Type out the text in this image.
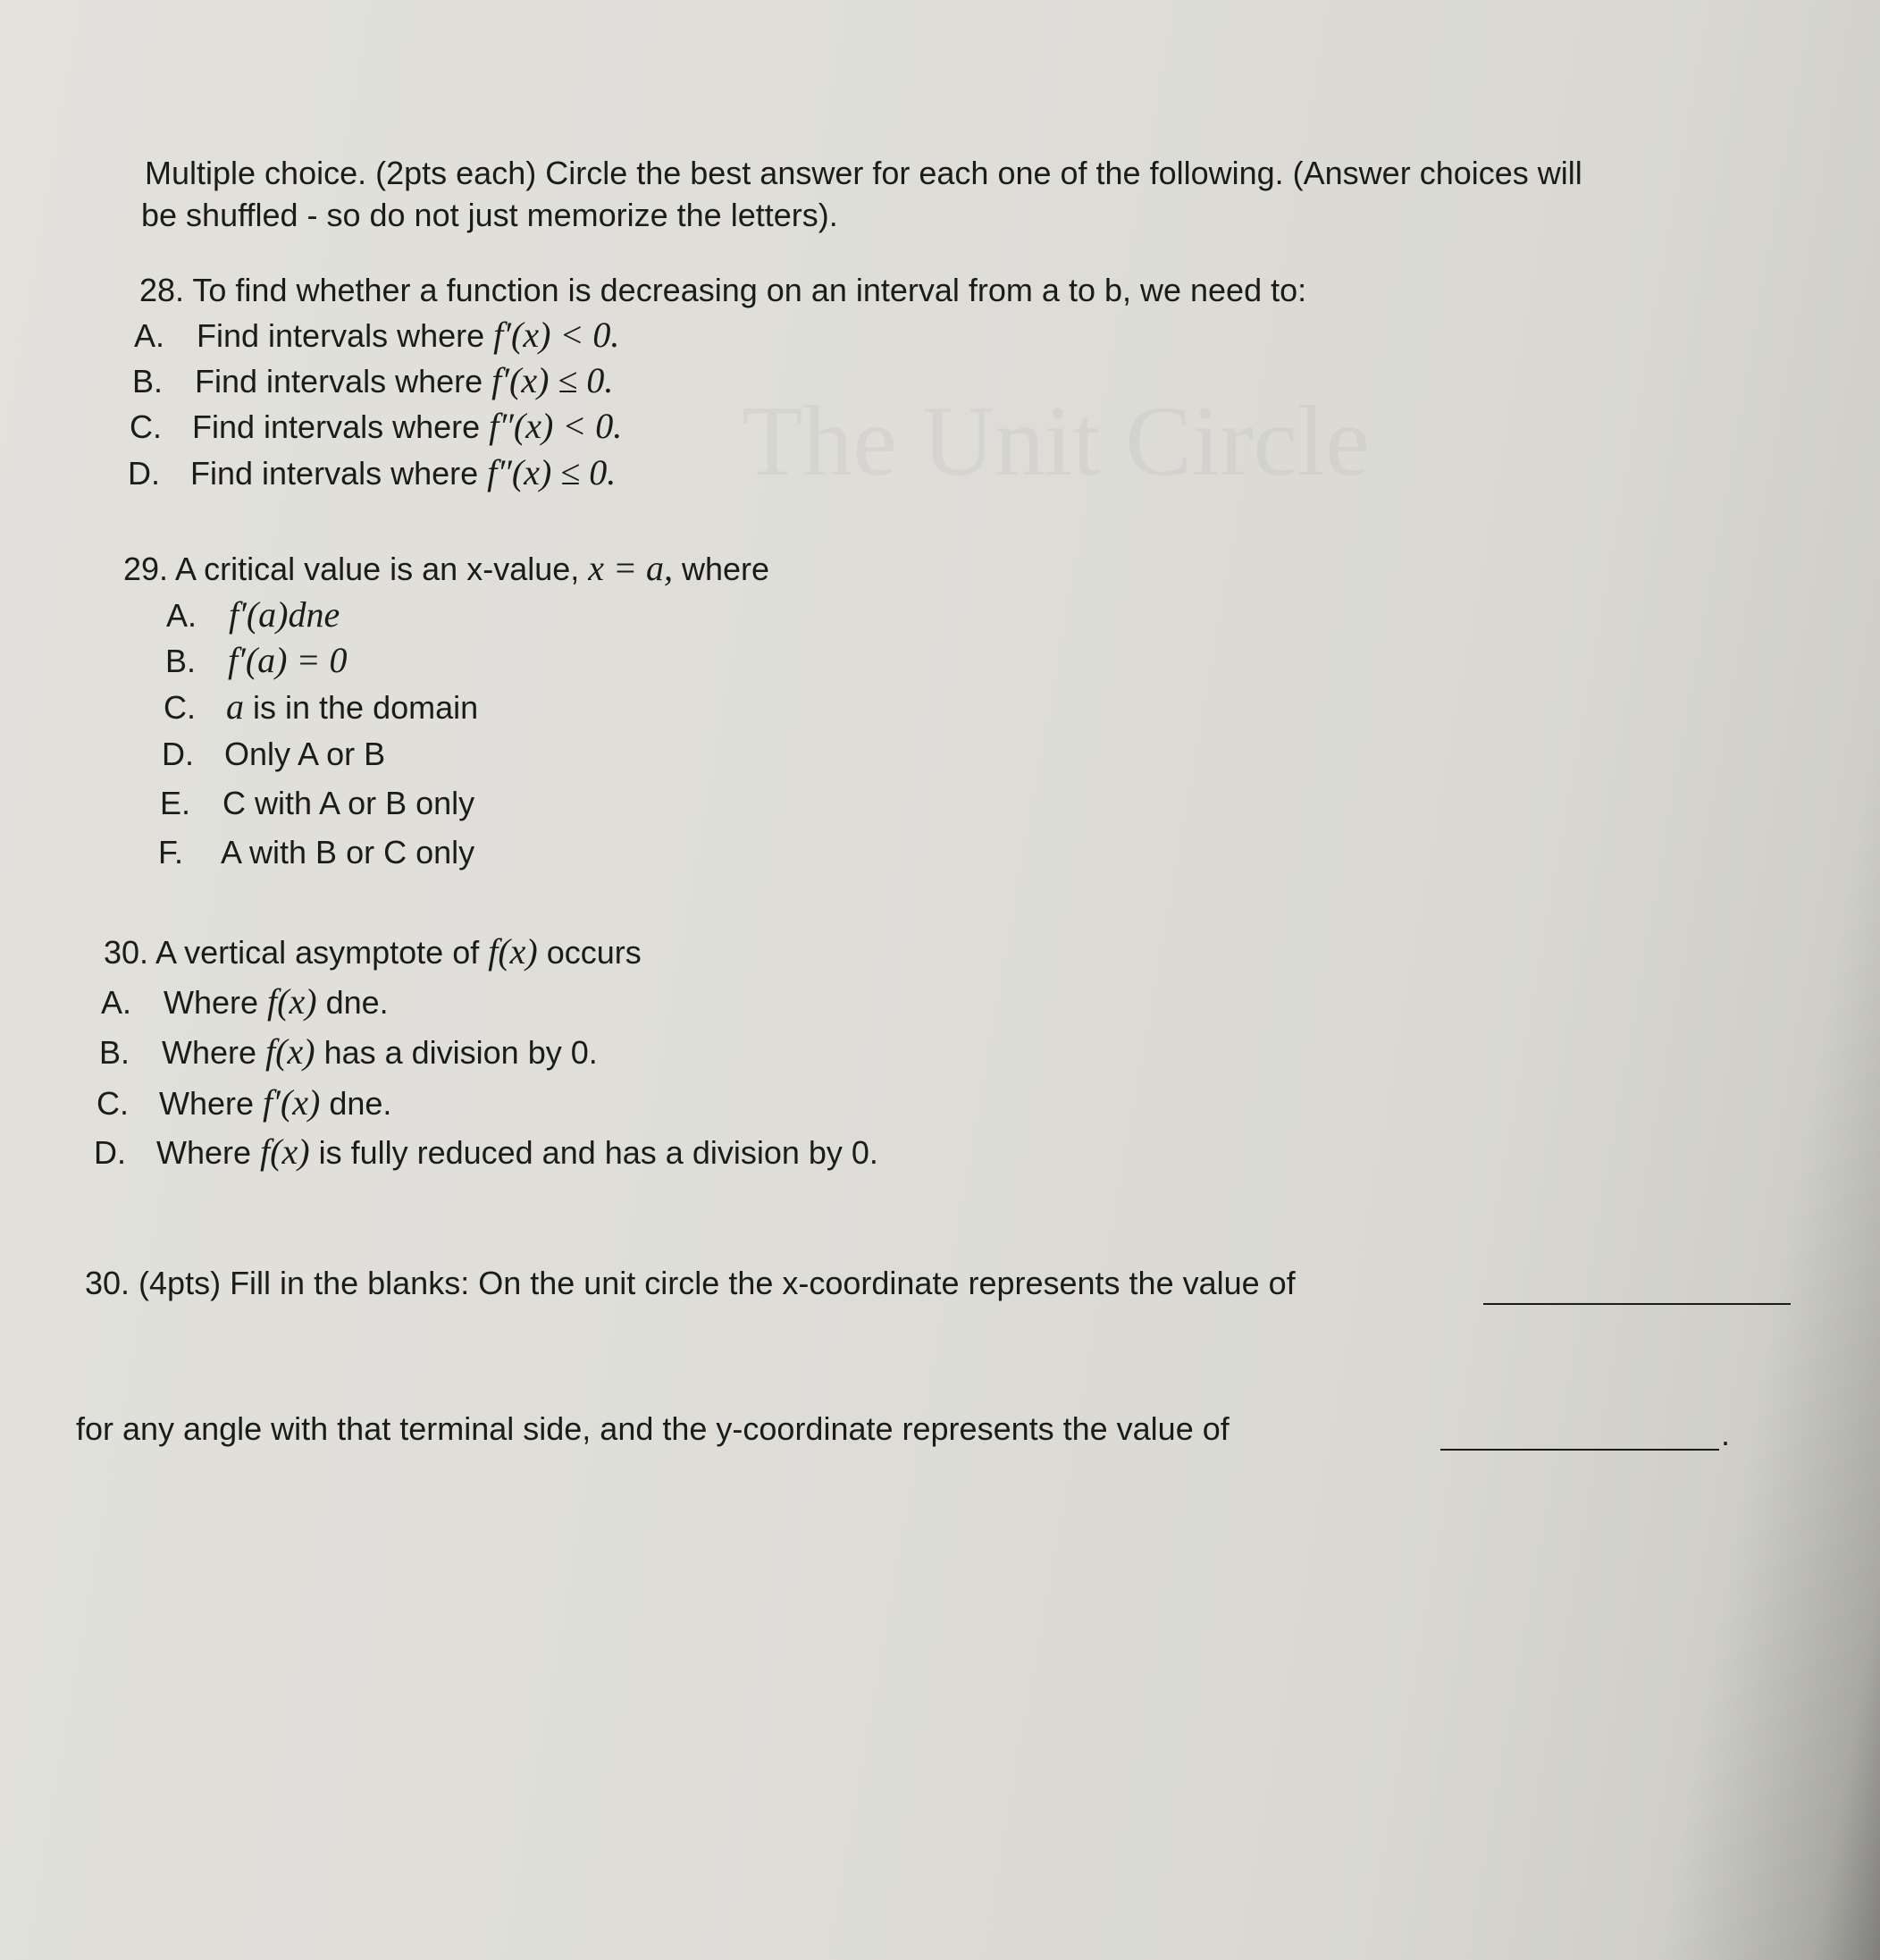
The Unit Circle
Multiple choice. (2pts each) Circle the best answer for each one of the following. (Answer choices will
be shuffled - so do not just memorize the letters).
28. To find whether a function is decreasing on an interval from a to b, we need to:
A. Find intervals where f′(x) < 0.
B. Find intervals where f′(x) ≤ 0.
C. Find intervals where f″(x) < 0.
D. Find intervals where f″(x) ≤ 0.
29. A critical value is an x-value, x = a, where
A. f′(a)dne
B. f′(a) = 0
C. a is in the domain
D. Only A or B
E. C with A or B only
F. A with B or C only
30. A vertical asymptote of f(x) occurs
A. Where f(x) dne.
B. Where f(x) has a division by 0.
C. Where f′(x) dne.
D. Where f(x) is fully reduced and has a division by 0.
30. (4pts) Fill in the blanks: On the unit circle the x-coordinate represents the value of
for any angle with that terminal side, and the y-coordinate represents the value of	.
